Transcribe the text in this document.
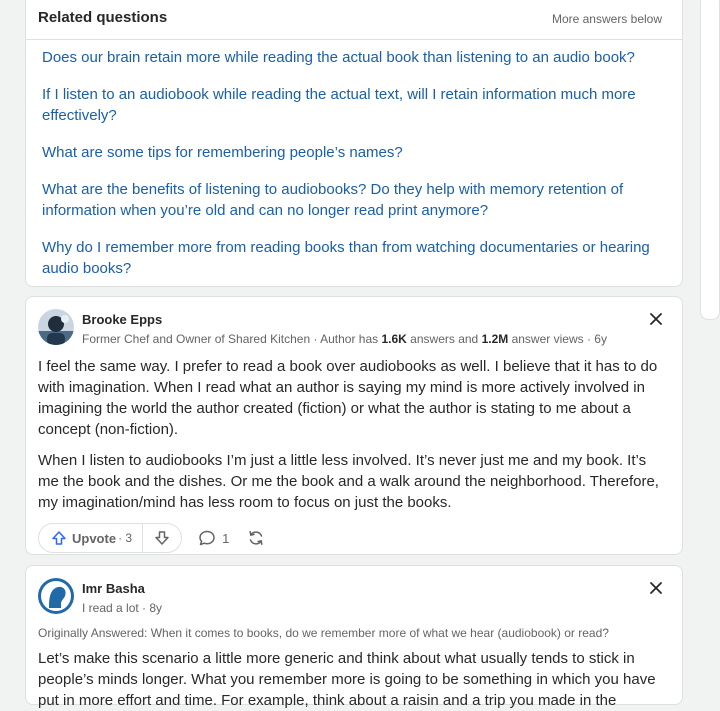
Related questions	More answers below
Does our brain retain more while reading the actual book than listening to an audio book?
If I listen to an audiobook while reading the actual text, will I retain information much more effectively?
What are some tips for remembering people’s names?
What are the benefits of listening to audiobooks? Do they help with memory retention of information when you’re old and can no longer read print anymore?
Why do I remember more from reading books than from watching documentaries or hearing audio books?
Brooke Epps
Former Chef and Owner of Shared Kitchen · Author has 1.6K answers and 1.2M answer views · 6y

I feel the same way. I prefer to read a book over audiobooks as well. I believe that it has to do with imagination. When I read what an author is saying my mind is more actively involved in imagining the world the author created (fiction) or what the author is stating to me about a concept (non-fiction).

When I listen to audiobooks I’m just a little less involved. It’s never just me and my book. It’s me the book and the dishes. Or me the book and a walk around the neighborhood. Therefore, my imagination/mind has less room to focus on just the books.

Upvote · 3	1
Imr Basha
I read a lot · 8y
Originally Answered: When it comes to books, do we remember more of what we hear (audiobook) or read?
Let’s make this scenario a little more generic and think about what usually tends to stick in people’s minds longer. What you remember more is going to be something in which you have put in more effort and time. For example, think about a raisin and a trip you made in the
